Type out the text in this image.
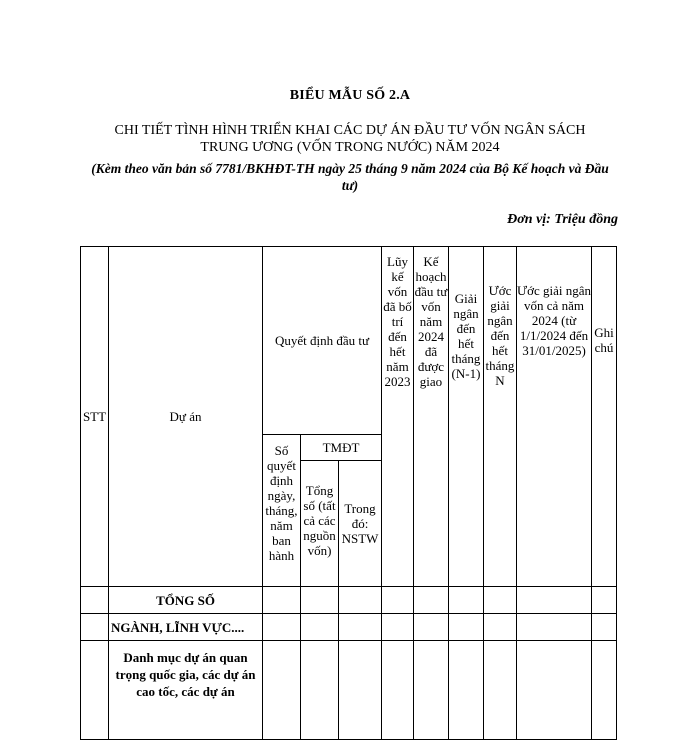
BIỂU MẪU SỐ 2.A
CHI TIẾT TÌNH HÌNH TRIỂN KHAI CÁC DỰ ÁN ĐẦU TƯ VỐN NGÂN SÁCH TRUNG ƯƠNG (VỐN TRONG NƯỚC) NĂM 2024
(Kèm theo văn bản số 7781/BKHĐT-TH ngày 25 tháng 9 năm 2024 của Bộ Kế hoạch và Đầu tư)
Đơn vị: Triệu đồng
STT	Dự án	Quyết định đầu tư			Lũy kế vốn đã bố trí đến hết năm 2023	Kế hoạch đầu tư vốn năm 2024 đã được giao	Giải ngân đến hết tháng (N-1)	Ước giải ngân đến hết tháng N	Ước giải ngân vốn cả năm 2024 (từ 1/1/2024 đến 31/01/2025)	Ghi chú
		Số quyết định ngày, tháng, năm ban hành	TMĐT							
			Tổng số (tất cả các nguồn vốn)	Trong đó: NSTW						
	TỔNG SỐ									
	NGÀNH, LĨNH VỰC....									
	Danh mục dự án quan trọng quốc gia, các dự án cao tốc, các dự án									
